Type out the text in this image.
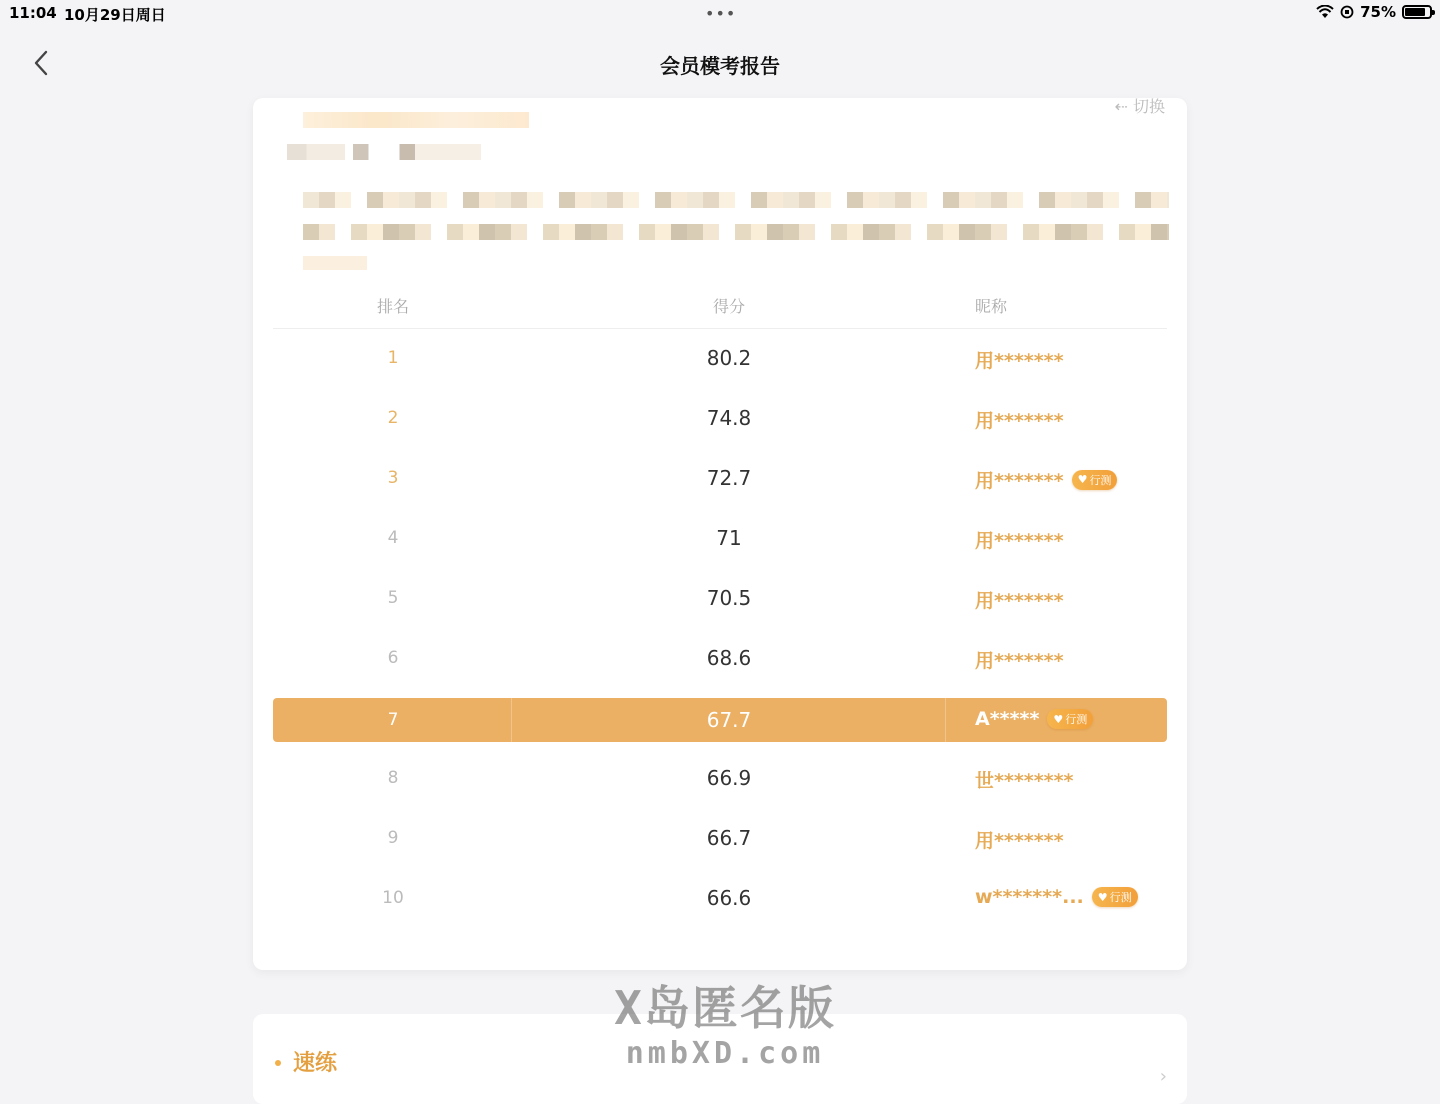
11:04 10月29日周日	•••	75%
会员模考报告
⇠ 切换
排名	得分	昵称
1	80.2	用*******
2	74.8	用*******
3	72.7	用******* ♥ 行测
4	71	用*******
5	70.5	用*******
6	68.6	用*******
7	67.7	A***** ♥ 行测
8	66.9	世********
9	66.7	用*******
10	66.6	w*******... ♥ 行测
速练
›
X岛匿名版
nmbXD.com
